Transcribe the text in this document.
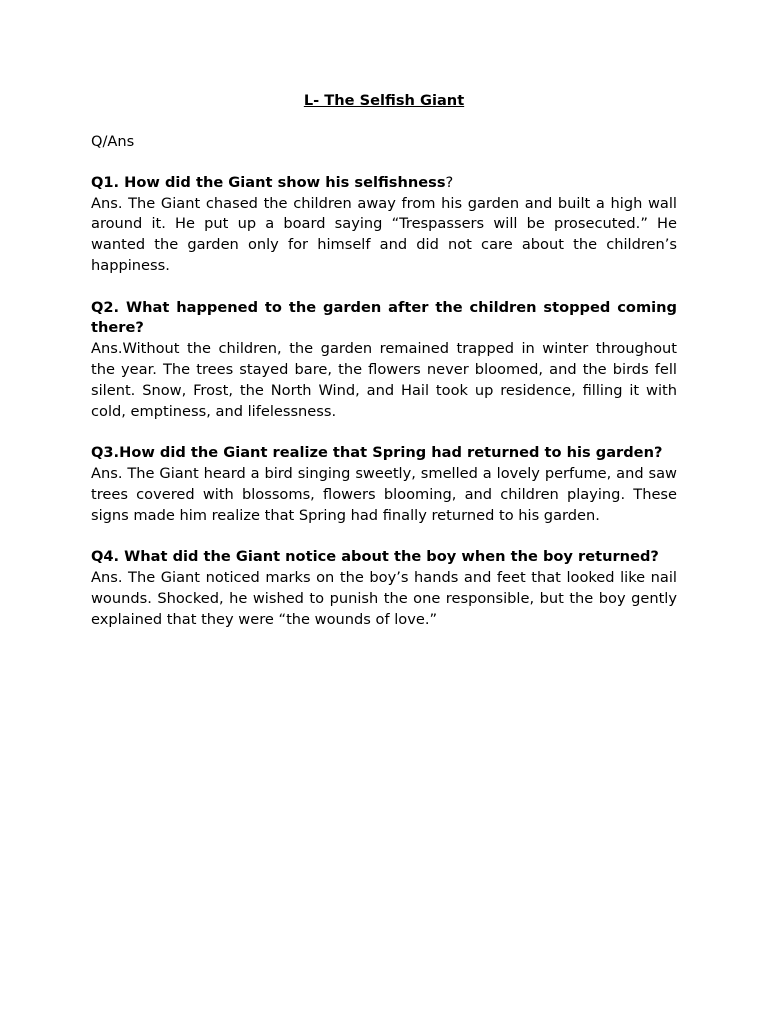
L- The Selfish Giant

Q/Ans

Q1. How did the Giant show his selfishness?

Ans. The Giant chased the children away from his garden and built a high wall around it. He put up a board saying “Trespassers will be prosecuted.” He wanted the garden only for himself and did not care about the children’s happiness.

Q2. What happened to the garden after the children stopped coming there?

Ans.Without the children, the garden remained trapped in winter throughout the year. The trees stayed bare, the flowers never bloomed, and the birds fell silent. Snow, Frost, the North Wind, and Hail took up residence, filling it with cold, emptiness, and lifelessness.

Q3.How did the Giant realize that Spring had returned to his garden?

Ans. The Giant heard a bird singing sweetly, smelled a lovely perfume, and saw trees covered with blossoms, flowers blooming, and children playing. These signs made him realize that Spring had finally returned to his garden.

Q4. What did the Giant notice about the boy when the boy returned?

Ans. The Giant noticed marks on the boy’s hands and feet that looked like nail wounds. Shocked, he wished to punish the one responsible, but the boy gently explained that they were “the wounds of love.”
